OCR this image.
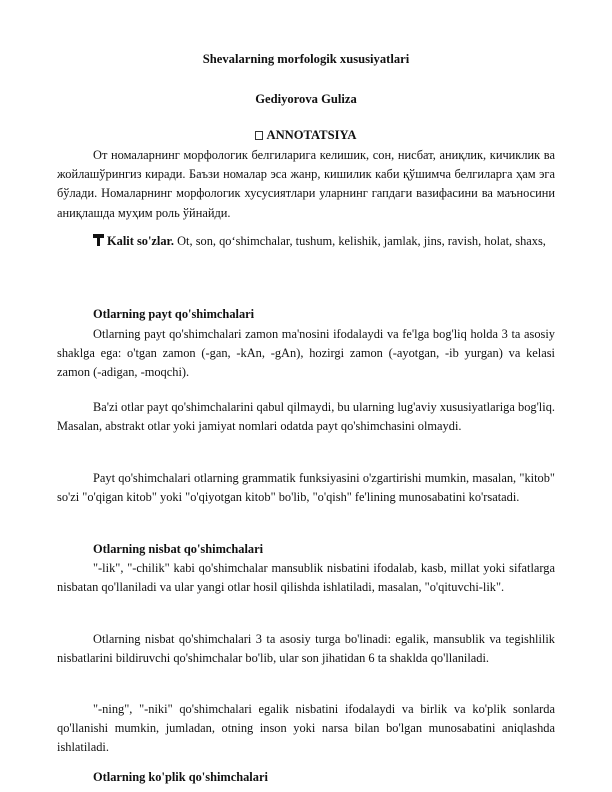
Shevalarning morfologik xususiyatlari
Gediyorova Guliza
ANNOTATSIYA

От номаларнинг морфологик белгиларига келишик, сон, нисбат, аниқлик, кичиклик ва жойлашўрингиз киради. Баъзи номалар эса жанр, кишилик каби қўшимча белгиларга ҳам эга бўлади. Номаларнинг морфологик хусусиятлари уларнинг гапдаги вазифасини ва маъносини аниқлашда муҳим роль ўйнайди.

Kalit so'zlar. Ot, son, qo‘shimchalar, tushum, kelishik, jamlak, jins, ravish, holat, shaxs,

Otlarning payt qo'shimchalari

Otlarning payt qo'shimchalari zamon ma'nosini ifodalaydi va fe'lga bog'liq holda 3 ta asosiy shaklga ega: o'tgan zamon (-gan, -kAn, -gAn), hozirgi zamon (-ayotgan, -ib yurgan) va kelasi zamon (-adigan, -moqchi).

Ba'zi otlar payt qo'shimchalarini qabul qilmaydi, bu ularning lug'aviy xususiyatlariga bog'liq. Masalan, abstrakt otlar yoki jamiyat nomlari odatda payt qo'shimchasini olmaydi.

Payt qo'shimchalari otlarning grammatik funksiyasini o'zgartirishi mumkin, masalan, "kitob" so'zi "o'qigan kitob" yoki "o'qiyotgan kitob" bo'lib, "o'qish" fe'lining munosabatini ko'rsatadi.

Otlarning nisbat qo'shimchalari

"-lik", "-chilik" kabi qo'shimchalar mansublik nisbatini ifodalab, kasb, millat yoki sifatlarga nisbatan qo'llaniladi va ular yangi otlar hosil qilishda ishlatiladi, masalan, "o'qituvchi-lik".

Otlarning nisbat qo'shimchalari 3 ta asosiy turga bo'linadi: egalik, mansublik va tegishlilik nisbatlarini bildiruvchi qo'shimchalar bo'lib, ular son jihatidan 6 ta shaklda qo'llaniladi.

"-ning", "-niki" qo'shimchalari egalik nisbatini ifodalaydi va birlik va ko'plik sonlarda qo'llanishi mumkin, jumladan, otning inson yoki narsa bilan bo'lgan munosabatini aniqlashda ishlatiladi.

Otlarning ko'plik qo'shimchalari
